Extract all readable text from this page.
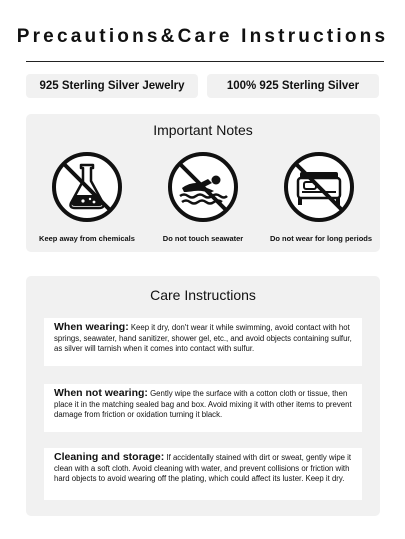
Precautions&Care Instructions
925 Sterling Silver Jewelry	100% 925 Sterling Silver
Important Notes
Keep away from chemicals	Do not touch seawater	Do not wear for long periods
Care Instructions
When wearing: Keep it dry, don't wear it while swimming, avoid contact with hot springs, seawater, hand sanitizer, shower gel, etc., and avoid objects containing sulfur, as silver will tarnish when it comes into contact with sulfur.
When not wearing: Gently wipe the surface with a cotton cloth or tissue, then place it in the matching sealed bag and box. Avoid mixing it with other items to prevent damage from friction or oxidation turning it black.
Cleaning and storage: If accidentally stained with dirt or sweat, gently wipe it clean with a soft cloth. Avoid cleaning with water, and prevent collisions or friction with hard objects to avoid wearing off the plating, which could affect its luster. Keep it dry.
